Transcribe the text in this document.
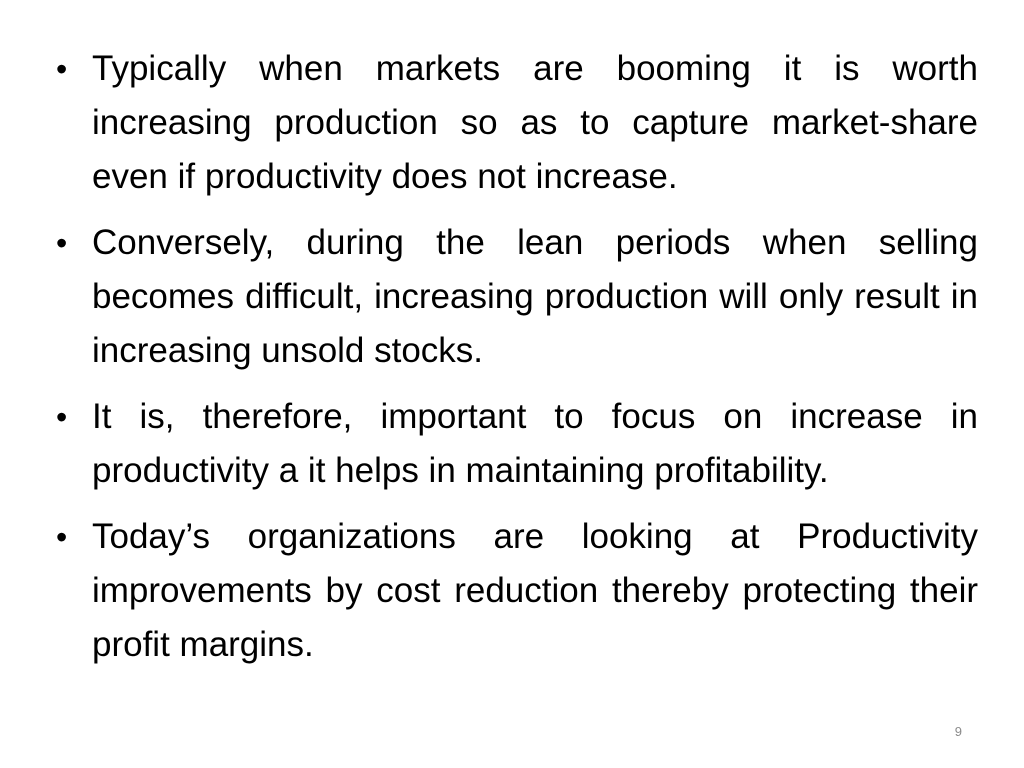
• Typically when markets are booming it is worth increasing production so as to capture market-share even if productivity does not increase.
• Conversely, during the lean periods when selling becomes difficult, increasing production will only result in increasing unsold stocks.
• It is, therefore, important to focus on increase in productivity a it helps in maintaining profitability.
• Today’s organizations are looking at Productivity improvements by cost reduction thereby protecting their profit margins.
9
